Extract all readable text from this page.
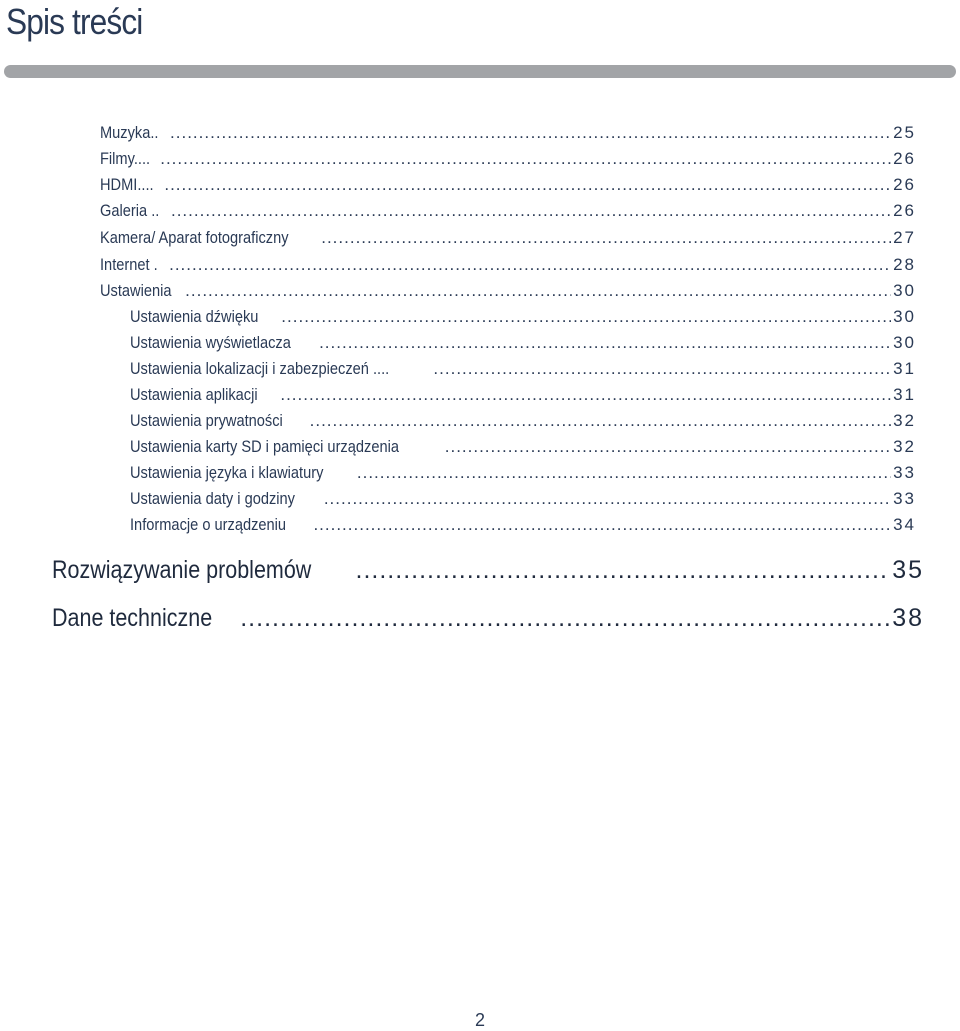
Spis treści
Muzyka.. .....	25
Filmy.... .....	26
HDMI.... .....	26
Galeria .. .....	26
Kamera/ Aparat fotograficzny .....	27
Internet . .....	28
Ustawienia .....	30
Ustawienia dźwięku .....	30
Ustawienia wyświetlacza .....	30
Ustawienia lokalizacji i zabezpieczeń .... .....	31
Ustawienia aplikacji .....	31
Ustawienia prywatności .....	32
Ustawienia karty SD i pamięci urządzenia .....	32
Ustawienia języka i klawiatury .....	33
Ustawienia daty i godziny .....	33
Informacje o urządzeniu .....	34
Rozwiązywanie problemów .....	35
Dane techniczne .....	38
2
